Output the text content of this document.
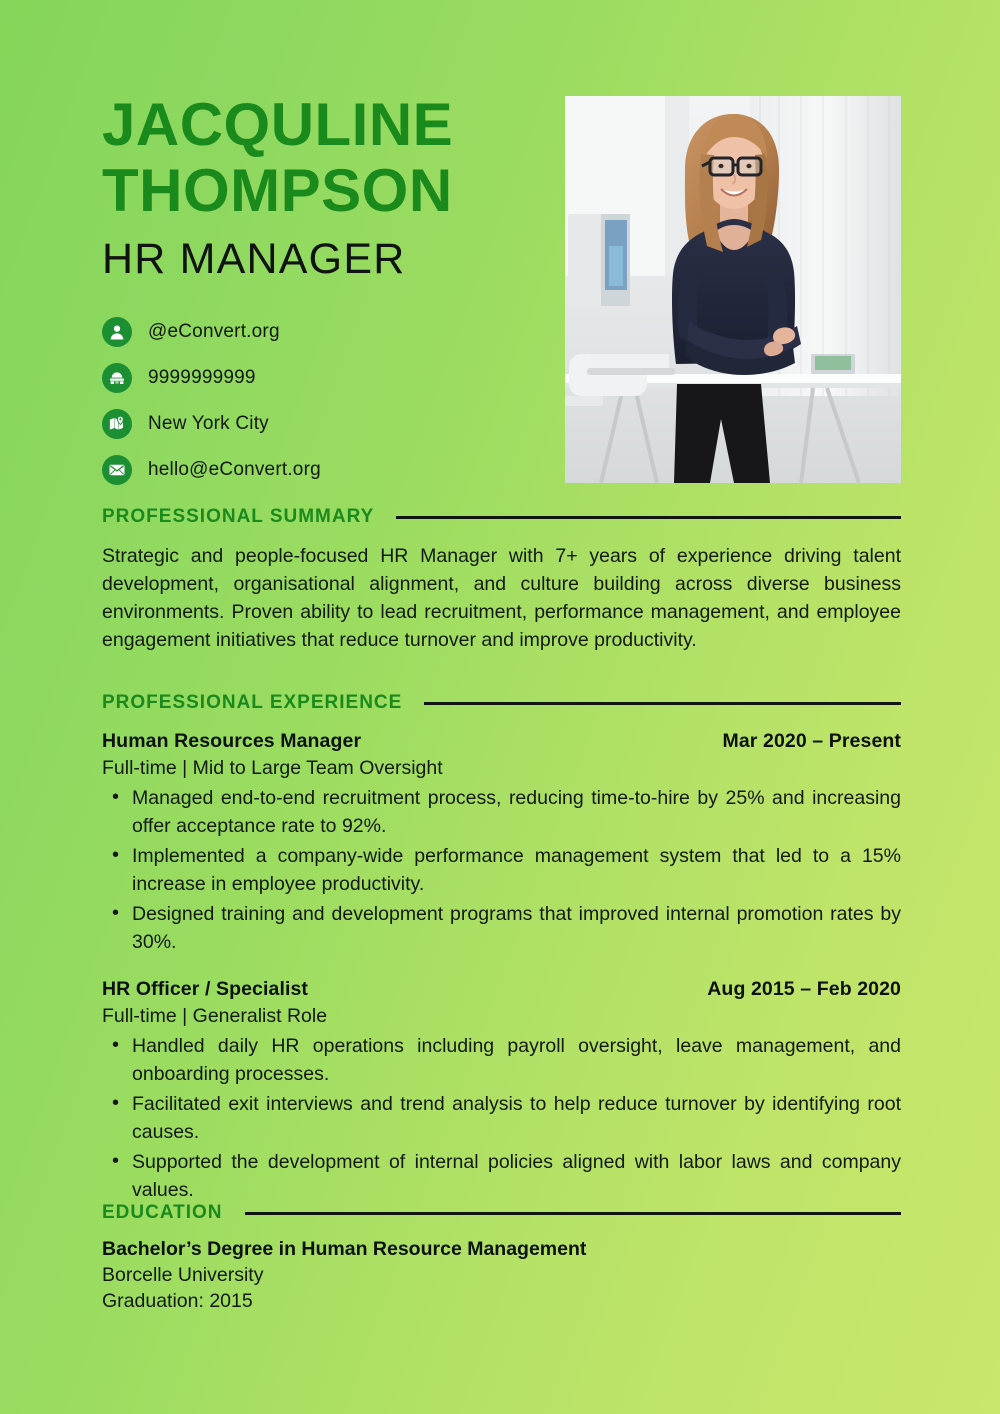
JACQULINE
THOMPSON
HR MANAGER
@eConvert.org
9999999999
New York City
hello@eConvert.org
PROFESSIONAL SUMMARY
Strategic and people-focused HR Manager with 7+ years of experience driving talent development, organisational alignment, and culture building across diverse business environments. Proven ability to lead recruitment, performance management, and employee engagement initiatives that reduce turnover and improve productivity.
PROFESSIONAL EXPERIENCE
Human Resources Manager	Mar 2020 – Present
Full-time | Mid to Large Team Oversight
• Managed end-to-end recruitment process, reducing time-to-hire by 25% and increasing offer acceptance rate to 92%.
• Implemented a company-wide performance management system that led to a 15% increase in employee productivity.
• Designed training and development programs that improved internal promotion rates by 30%.
HR Officer / Specialist	Aug 2015 – Feb 2020
Full-time | Generalist Role
• Handled daily HR operations including payroll oversight, leave management, and onboarding processes.
• Facilitated exit interviews and trend analysis to help reduce turnover by identifying root causes.
• Supported the development of internal policies aligned with labor laws and company values.
EDUCATION
Bachelor’s Degree in Human Resource Management
Borcelle University
Graduation: 2015
